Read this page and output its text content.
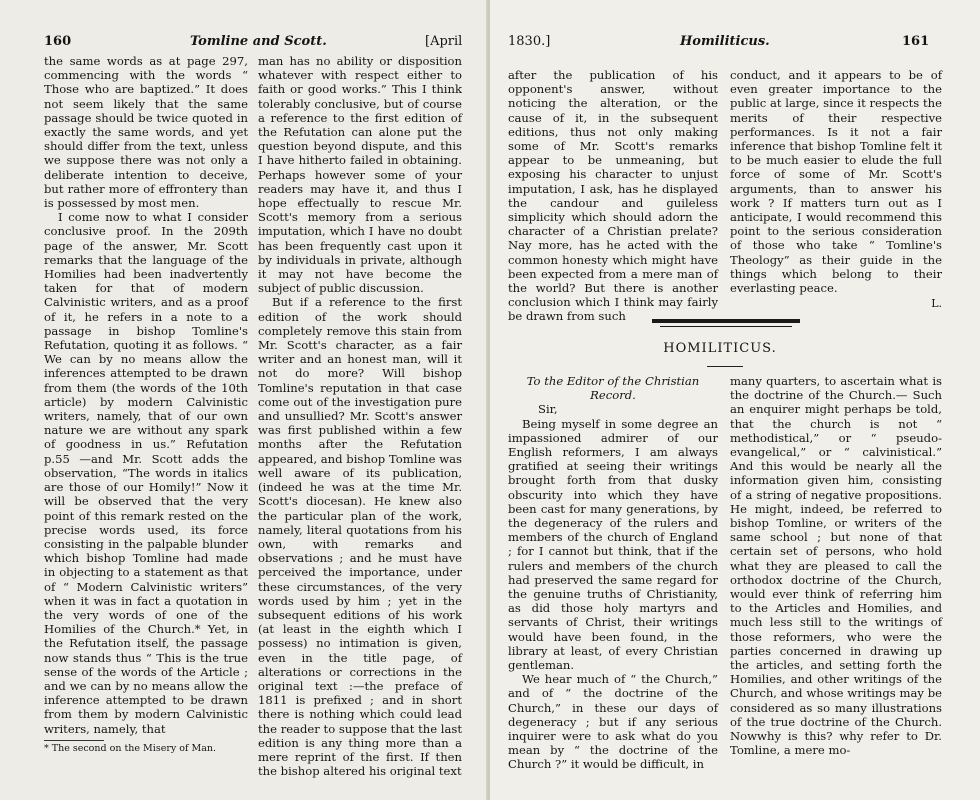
160	Tomline and Scott.	[April

the same words as at page 297, commencing with the words “ Those who are baptized.” It does not seem likely that the same passage should be twice quoted in exactly the same words, and yet should differ from the text, unless we suppose there was not only a deliberate intention to deceive, but rather more of effrontery than is possessed by most men.

I come now to what I consider conclusive proof. In the 209th page of the answer, Mr. Scott remarks that the language of the Homilies had been inadvertently taken for that of modern Calvinistic writers, and as a proof of it, he refers in a note to a passage in bishop Tomline's Refutation, quoting it as follows. “ We can by no means allow the inferences attempted to be drawn from them (the words of the 10th article) by modern Calvinistic writers, namely, that of our own nature we are without any spark of goodness in us.” Refutation p.55 —and Mr. Scott adds the observation, “The words in italics are those of our Homily!” Now it will be observed that the very point of this remark rested on the precise words used, its force consisting in the palpable blunder which bishop Tomline had made in objecting to a statement as that of “ Modern Calvinistic writers” when it was in fact a quotation in the very words of one of the Homilies of the Church.* Yet, in the Refutation itself, the passage now stands thus “ This is the true sense of the words of the Article ; and we can by no means allow the inference attempted to be drawn from them by modern Calvinistic writers, namely, that

* The second on the Misery of Man.

man has no ability or disposition whatever with respect either to faith or good works.” This I think tolerably conclusive, but of course a reference to the first edition of the Refutation can alone put the question beyond dispute, and this I have hitherto failed in obtaining. Perhaps however some of your readers may have it, and thus I hope effectually to rescue Mr. Scott's memory from a serious imputation, which I have no doubt has been frequently cast upon it by individuals in private, although it may not have become the subject of public discussion.

But if a reference to the first edition of the work should completely remove this stain from Mr. Scott's character, as a fair writer and an honest man, will it not do more? Will bishop Tomline's reputation in that case come out of the investigation pure and unsullied? Mr. Scott's answer was first published within a few months after the Refutation appeared, and bishop Tomline was well aware of its publication, (indeed he was at the time Mr. Scott's diocesan). He knew also the particular plan of the work, namely, literal quotations from his own, with remarks and observations ; and he must have perceived the importance, under these circumstances, of the very words used by him ; yet in the subsequent editions of his work (at least in the eighth which I possess) no intimation is given, even in the title page, of alterations or corrections in the original text :—the preface of 1811 is prefixed ; and in short there is nothing which could lead the reader to suppose that the last edition is any thing more than a mere reprint of the first. If then the bishop altered his original text

1830.]	Homiliticus.	161

after the publication of his opponent's answer, without noticing the alteration, or the cause of it, in the subsequent editions, thus not only making some of Mr. Scott's remarks appear to be unmeaning, but exposing his character to unjust imputation, I ask, has he displayed the candour and guileless simplicity which should adorn the character of a Christian prelate? Nay more, has he acted with the common honesty which might have been expected from a mere man of the world? But there is another conclusion which I think may fairly be drawn from such

conduct, and it appears to be of even greater importance to the public at large, since it respects the merits of their respective performances. Is it not a fair inference that bishop Tomline felt it to be much easier to elude the full force of some of Mr. Scott's arguments, than to answer his work ? If matters turn out as I anticipate, I would recommend this point to the serious consideration of those who take “ Tomline's Theology” as their guide in the things which belong to their everlasting peace.

L.
HOMILITICUS.

To the Editor of the Christian Record.

Sir,

Being myself in some degree an impassioned admirer of our English reformers, I am always gratified at seeing their writings brought forth from that dusky obscurity into which they have been cast for many generations, by the degeneracy of the rulers and members of the church of England ; for I cannot but think, that if the rulers and members of the church had preserved the same regard for the genuine truths of Christianity, as did those holy martyrs and servants of Christ, their writings would have been found, in the library at least, of every Christian gentleman.

We hear much of “ the Church,” and of “ the doctrine of the Church,” in these our days of degeneracy ; but if any serious inquirer were to ask what do you mean by “ the doctrine of the Church ?” it would be difficult, in

many quarters, to ascertain what is the doctrine of the Church.— Such an enquirer might perhaps be told, that the church is not “ methodistical,” or “ pseudo-evangelical,” or “ calvinistical.” And this would be nearly all the information given him, consisting of a string of negative propositions. He might, indeed, be referred to bishop Tomline, or writers of the same school ; but none of that certain set of persons, who hold what they are pleased to call the orthodox doctrine of the Church, would ever think of referring him to the Articles and Homilies, and much less still to the writings of those reformers, who were the parties concerned in drawing up the articles, and setting forth the Homilies, and other writings of the Church, and whose writings may be considered as so many illustrations of the true doctrine of the Church. Nowwhy is this? why refer to Dr. Tomline, a mere mo-
